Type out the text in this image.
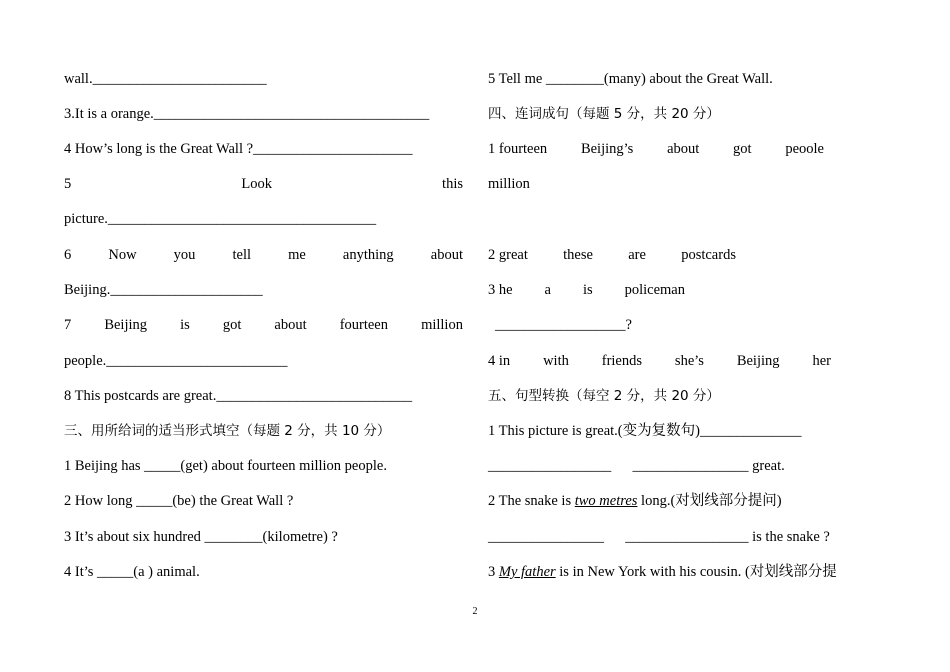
wall.________________________
3.It is a orange.______________________________________
4 How’s long is the Great Wall ?______________________
5	Look	this
picture._____________________________________
6	Now	you	tell	me	anything	about
Beijing._____________________
7 Beijing is got about fourteen million
people._________________________
8 This postcards are great.___________________________
三、用所给词的适当形式填空（每题 2 分，共 10 分）
1 Beijing has _____(get) about fourteen million people.
2 How long _____(be) the Great Wall ?
3 It’s about six hundred ________(kilometre) ?
4 It’s _____(a ) animal.
5 Tell me ________(many) about the Great Wall.
四、连词成句（每题 5 分，共 20 分）
1 fourteen Beijing’s about got peoole
million
2 great these are postcards
3 he a is policeman
__________________?
4 in with friends she’s Beijing her
五、句型转换（每空 2 分，共 20 分）
1 This picture is great.(变为复数句)______________
_________________ ________________ great.
2 The snake is two metres long.(对划线部分提问)
________________ _________________ is the snake ?
3 My father is in New York with his cousin. (对划线部分提
2
